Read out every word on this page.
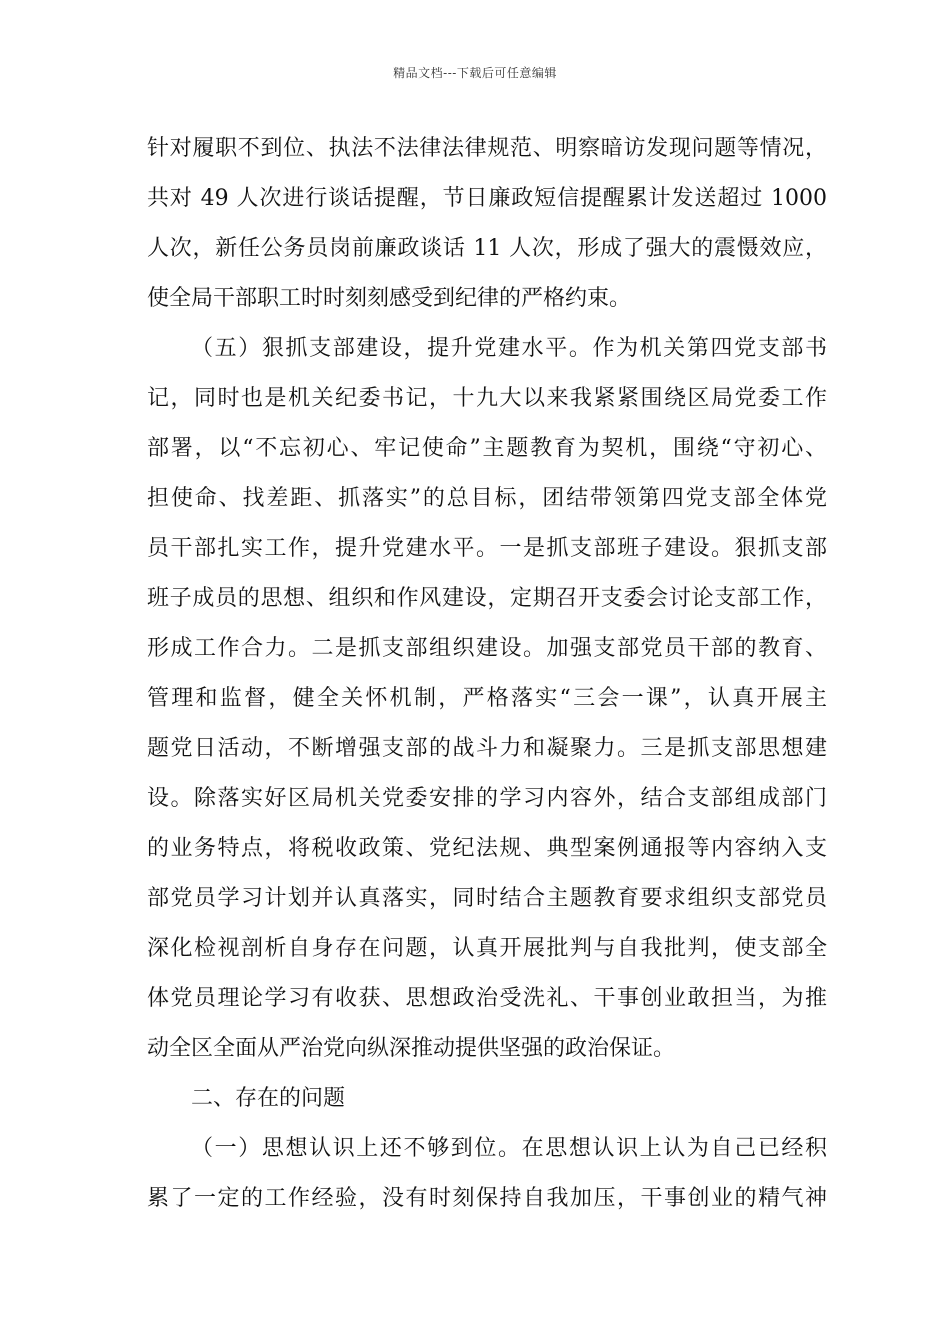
精品文档---下载后可任意编辑
针对履职不到位、执法不法律法律规范、明察暗访发现问题等情况，
共对 49 人次进行谈话提醒，节日廉政短信提醒累计发送超过 1000
人次，新任公务员岗前廉政谈话 11 人次，形成了强大的震慑效应，
使全局干部职工时时刻刻感受到纪律的严格约束。
（五）狠抓支部建设，提升党建水平。作为机关第四党支部书
记，同时也是机关纪委书记，十九大以来我紧紧围绕区局党委工作
部署，以“不忘初心、牢记使命”主题教育为契机，围绕“守初心、
担使命、找差距、抓落实”的总目标，团结带领第四党支部全体党
员干部扎实工作，提升党建水平。一是抓支部班子建设。狠抓支部
班子成员的思想、组织和作风建设，定期召开支委会讨论支部工作，
形成工作合力。二是抓支部组织建设。加强支部党员干部的教育、
管理和监督，健全关怀机制，严格落实“三会一课”，认真开展主
题党日活动，不断增强支部的战斗力和凝聚力。三是抓支部思想建
设。除落实好区局机关党委安排的学习内容外，结合支部组成部门
的业务特点，将税收政策、党纪法规、典型案例通报等内容纳入支
部党员学习计划并认真落实，同时结合主题教育要求组织支部党员
深化检视剖析自身存在问题，认真开展批判与自我批判，使支部全
体党员理论学习有收获、思想政治受洗礼、干事创业敢担当，为推
动全区全面从严治党向纵深推动提供坚强的政治保证。
二、存在的问题
（一）思想认识上还不够到位。在思想认识上认为自己已经积
累了一定的工作经验，没有时刻保持自我加压，干事创业的精气神
